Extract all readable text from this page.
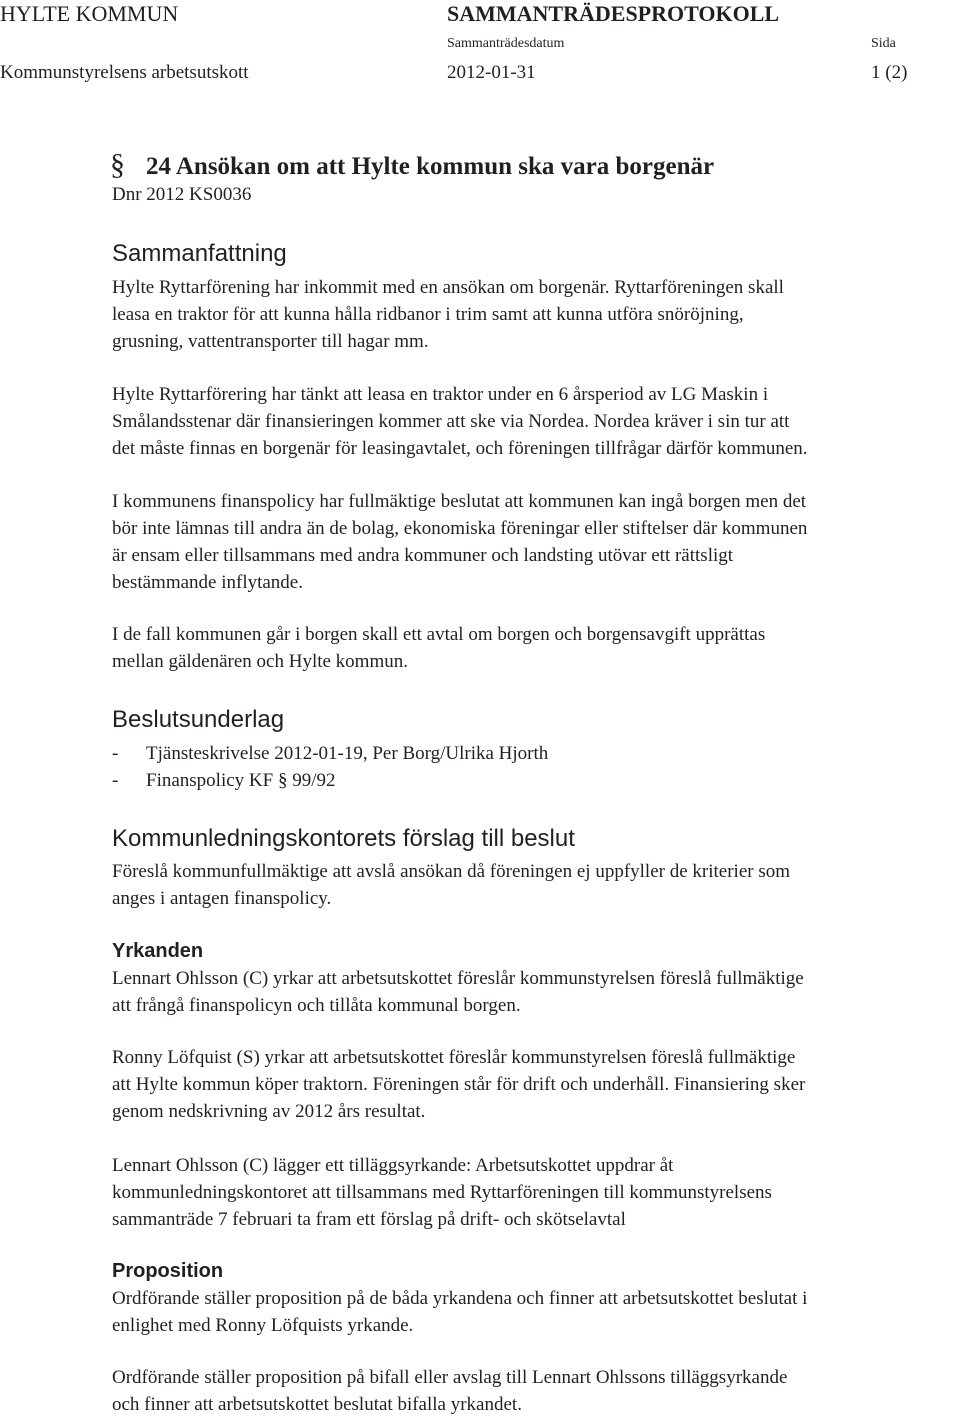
HYLTE KOMMUN	SAMMANTRÄDESPROTOKOLL
Sammanträdesdatum	Sida
Kommunstyrelsens arbetsutskott	2012-01-31	1 (2)
§ 24 Ansökan om att Hylte kommun ska vara borgenär
Dnr 2012 KS0036
Sammanfattning
Hylte Ryttarförening har inkommit med en ansökan om borgenär. Ryttarföreningen skall
leasa en traktor för att kunna hålla ridbanor i trim samt att kunna utföra snöröjning,
grusning, vattentransporter till hagar mm.
Hylte Ryttarförering har tänkt att leasa en traktor under en 6 årsperiod av LG Maskin i
Smålandsstenar där finansieringen kommer att ske via Nordea. Nordea kräver i sin tur att
det måste finnas en borgenär för leasingavtalet, och föreningen tillfrågar därför kommunen.
I kommunens finanspolicy har fullmäktige beslutat att kommunen kan ingå borgen men det
bör inte lämnas till andra än de bolag, ekonomiska föreningar eller stiftelser där kommunen
är ensam eller tillsammans med andra kommuner och landsting utövar ett rättsligt
bestämmande inflytande.
I de fall kommunen går i borgen skall ett avtal om borgen och borgensavgift upprättas
mellan gäldenären och Hylte kommun.
Beslutsunderlag
- Tjänsteskrivelse 2012-01-19, Per Borg/Ulrika Hjorth
- Finanspolicy KF § 99/92
Kommunledningskontorets förslag till beslut
Föreslå kommunfullmäktige att avslå ansökan då föreningen ej uppfyller de kriterier som
anges i antagen finanspolicy.
Yrkanden
Lennart Ohlsson (C) yrkar att arbetsutskottet föreslår kommunstyrelsen föreslå fullmäktige
att frångå finanspolicyn och tillåta kommunal borgen.
Ronny Löfquist (S) yrkar att arbetsutskottet föreslår kommunstyrelsen föreslå fullmäktige
att Hylte kommun köper traktorn. Föreningen står för drift och underhåll. Finansiering sker
genom nedskrivning av 2012 års resultat.
Lennart Ohlsson (C) lägger ett tilläggsyrkande: Arbetsutskottet uppdrar åt
kommunledningskontoret att tillsammans med Ryttarföreningen till kommunstyrelsens
sammanträde 7 februari ta fram ett förslag på drift- och skötselavtal
Proposition
Ordförande ställer proposition på de båda yrkandena och finner att arbetsutskottet beslutat i
enlighet med Ronny Löfquists yrkande.
Ordförande ställer proposition på bifall eller avslag till Lennart Ohlssons tilläggsyrkande
och finner att arbetsutskottet beslutat bifalla yrkandet.
